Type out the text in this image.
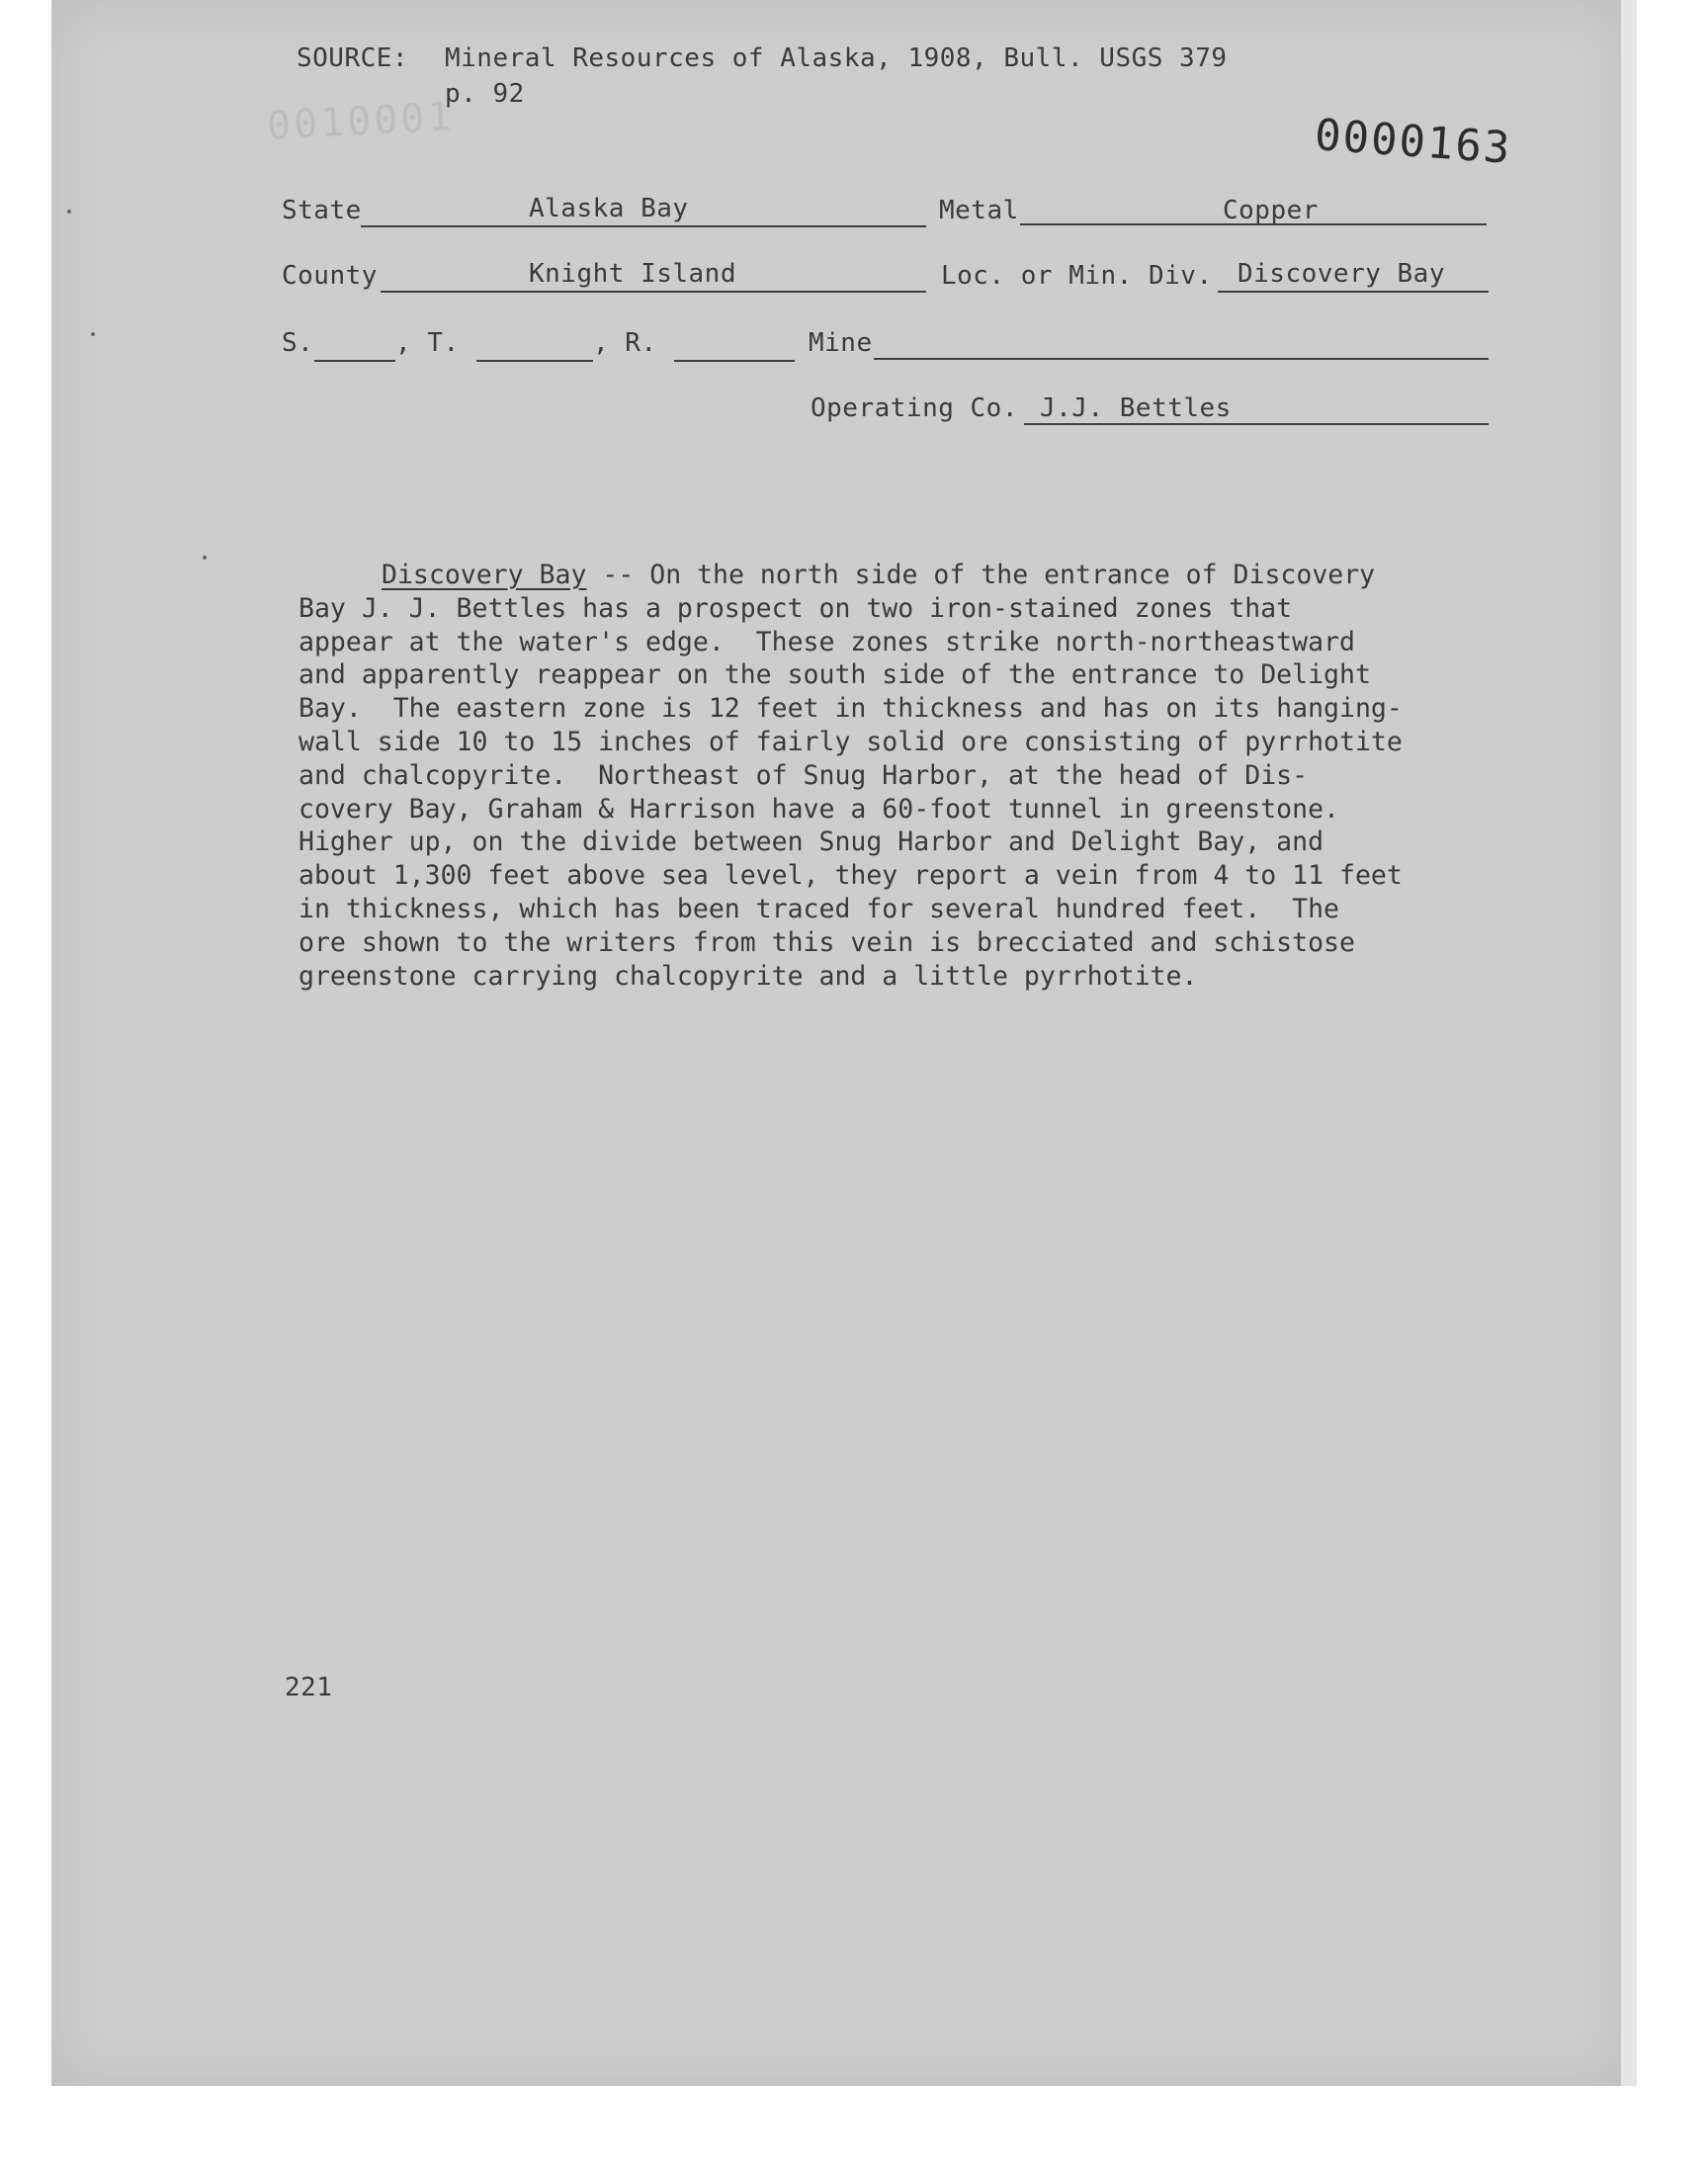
0010001
SOURCE: Mineral Resources of Alaska, 1908, Bull. USGS 379
p. 92
0000163
State	Alaska Bay	Metal	Copper
County	Knight Island	Loc. or Min. Div. Discovery Bay
S.	, T.	, R.	Mine
Operating Co. J.J. Bettles
Discovery Bay -- On the north side of the entrance of Discovery
Bay J. J. Bettles has a prospect on two iron-stained zones that
appear at the water's edge.  These zones strike north-northeastward
and apparently reappear on the south side of the entrance to Delight
Bay.  The eastern zone is 12 feet in thickness and has on its hanging-
wall side 10 to 15 inches of fairly solid ore consisting of pyrrhotite
and chalcopyrite.  Northeast of Snug Harbor, at the head of Dis-
covery Bay, Graham & Harrison have a 60-foot tunnel in greenstone.
Higher up, on the divide between Snug Harbor and Delight Bay, and
about 1,300 feet above sea level, they report a vein from 4 to 11 feet
in thickness, which has been traced for several hundred feet.  The
ore shown to the writers from this vein is brecciated and schistose
greenstone carrying chalcopyrite and a little pyrrhotite.
221
